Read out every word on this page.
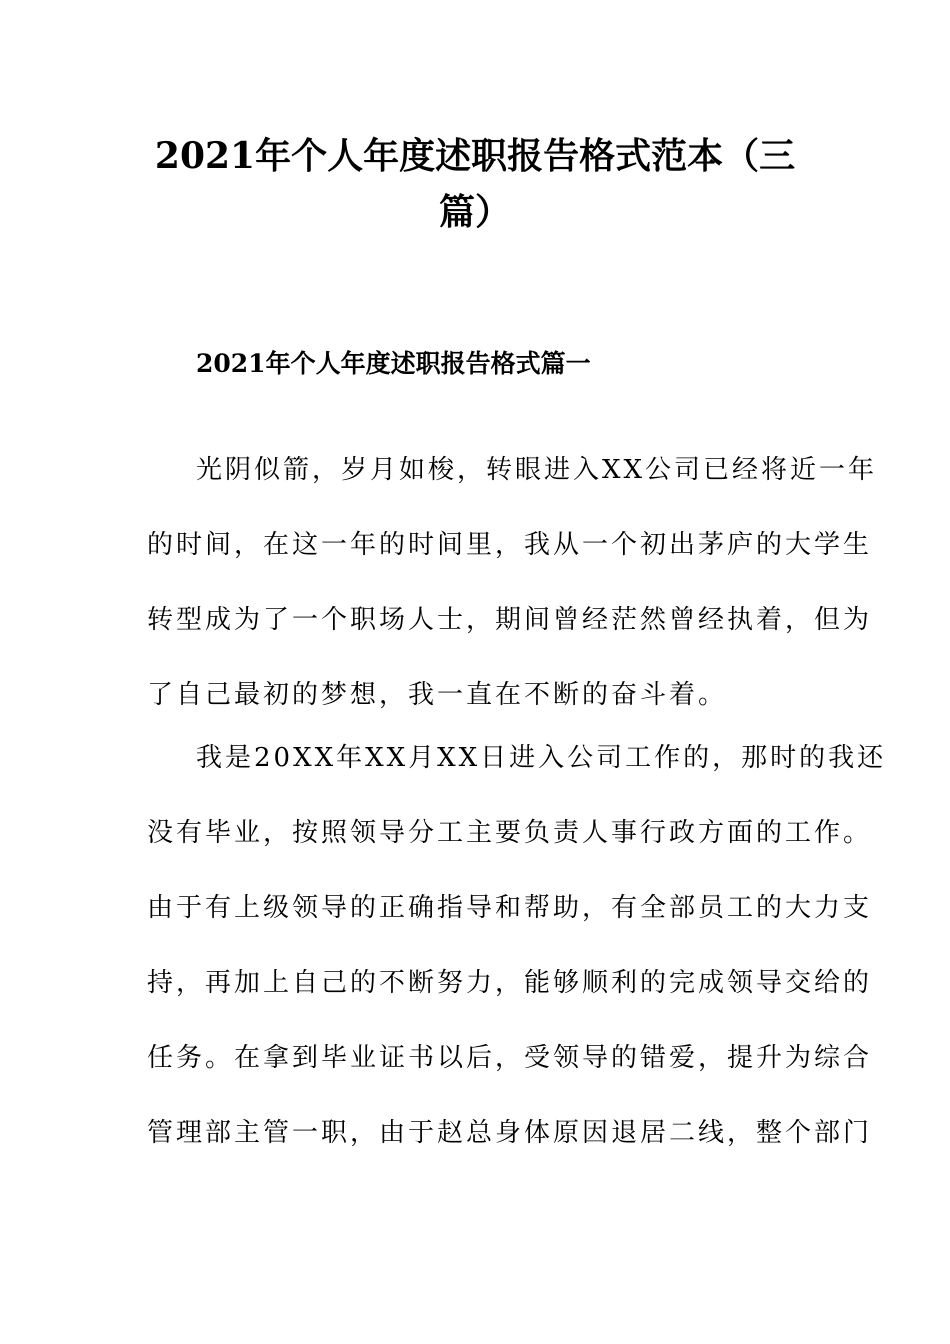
2021年个人年度述职报告格式范本（三
篇）
2021年个人年度述职报告格式篇一
光阴似箭，岁月如梭，转眼进入XX公司已经将近一年
的时间，在这一年的时间里，我从一个初出茅庐的大学生
转型成为了一个职场人士，期间曾经茫然曾经执着，但为
了自己最初的梦想，我一直在不断的奋斗着。
我是20XX年XX月XX日进入公司工作的，那时的我还
没有毕业，按照领导分工主要负责人事行政方面的工作。
由于有上级领导的正确指导和帮助，有全部员工的大力支
持，再加上自己的不断努力，能够顺利的完成领导交给的
任务。在拿到毕业证书以后，受领导的错爱，提升为综合
管理部主管一职，由于赵总身体原因退居二线，整个部门
